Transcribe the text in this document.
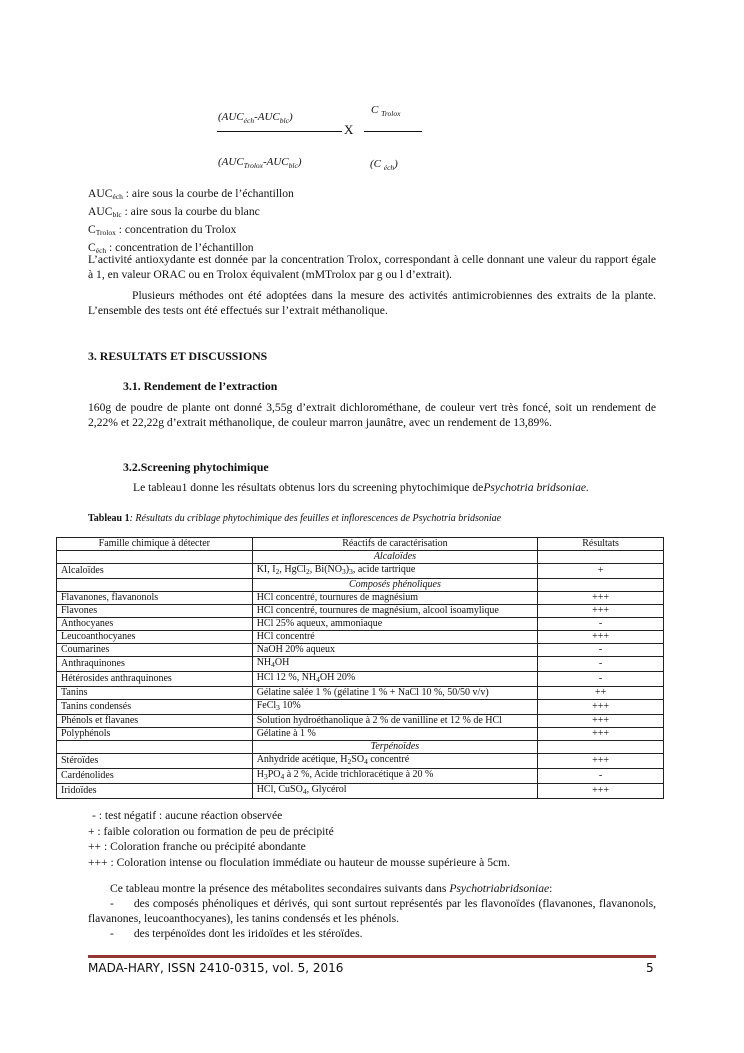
$(AUC_{éch}-AUC_{blc})$
$(AUC_{Trolox}-AUC_{blc})$
X
C $_{Trolox}$
(C $_{éch}$)
$AUC_{éch}$ : aire sous la courbe de l’échantillon
$AUC_{blc}$ : aire sous la courbe du blanc
$C_{Trolox}$ : concentration du Trolox
$C_{éch}$ : concentration de l’échantillon
L’activité antioxydante est donnée par la concentration Trolox, correspondant à celle donnant une valeur du rapport égale à 1, en valeur ORAC ou en Trolox équivalent (mMTrolox par g ou l d’extrait).
Plusieurs méthodes ont été adoptées dans la mesure des activités antimicrobiennes des extraits de la plante. L’ensemble des tests ont été effectués sur l’extrait méthanolique.
3. RESULTATS ET DISCUSSIONS
3.1. Rendement de l’extraction
160g de poudre de plante ont donné 3,55g d’extrait dichlorométhane, de couleur vert très foncé, soit un rendement de 2,22% et 22,22g d’extrait méthanolique, de couleur marron jaunâtre, avec un rendement de 13,89%.
3.2.Screening phytochimique
Le tableau1 donne les résultats obtenus lors du screening phytochimique dePsychotria bridsoniae.
Tableau 1: Résultats du criblage phytochimique des feuilles et inflorescences de Psychotria bridsoniae
Famille chimique à détecter	Réactifs de caractérisation	Résultats
	Alcaloïdes	
Alcaloïdes	KI, $I_2$, HgCl$_2$, $Bi(NO_3)_3$, acide tartrique	+
	Composés phénoliques	
Flavanones, flavanonols	HCl concentré, tournures de magnésium	+++
Flavones	HCl concentré, tournures de magnésium, alcool isoamylique	+++
Anthocyanes	HCl 25% aqueux, ammoniaque	-
Leucoanthocyanes	HCl concentré	+++
Coumarines	NaOH 20% aqueux	-
Anthraquinones	$NH_4OH$	-
Hétérosides anthraquinones	HCl 12 %, $NH_4OH$ 20%	-
Tanins	Gélatine salée 1 % (gélatine 1 % + NaCl 10 %, 50/50 v/v)	++
Tanins condensés	FeCl$_3$ 10%	+++
Phénols et flavanes	Solution hydroéthanolique à 2 % de vanilline et 12 % de HCl	+++
Polyphénols	Gélatine à 1 %	+++
	Terpénoïdes	
Stéroïdes	Anhydride acétique, $H_2SO_4$ concentré	+++
Cardénolides	$H_3PO_4$ à 2 %, Acide trichloracétique à 20 %	-
Iridoïdes	HCl, CuSO$_4$, Glycérol	+++
- : test négatif : aucune réaction observée
+ : faible coloration ou formation de peu de précipité
++ : Coloration franche ou précipité abondante
+++ : Coloration intense ou floculation immédiate ou hauteur de mousse supérieure à 5cm.
Ce tableau montre la présence des métabolites secondaires suivants dans Psychotriabridsoniae:
- des composés phénoliques et dérivés, qui sont surtout représentés par les flavonoïdes (flavanones, flavanonols, flavanones, leucoanthocyanes), les tanins condensés et les phénols.
- des terpénoïdes dont les iridoïdes et les stéroïdes.
MADA-HARY, ISSN 2410-0315, vol. 5, 2016	5
